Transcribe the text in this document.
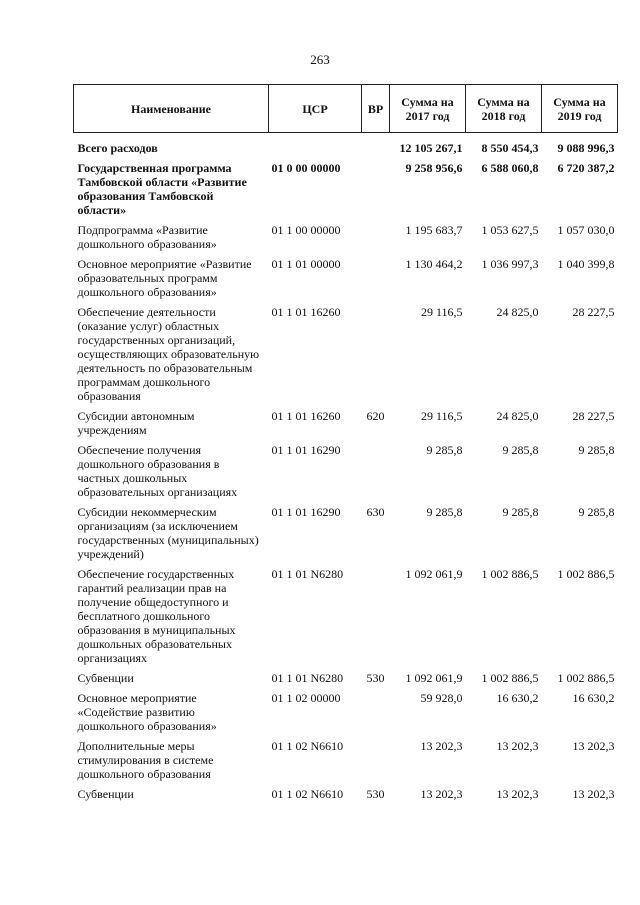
263
Наименование	ЦСР	ВР	Сумма на 2017 год	Сумма на 2018 год	Сумма на 2019 год
Всего расходов			12 105 267,1	8 550 454,3	9 088 996,3
Государственная программа Тамбовской области «Развитие образования Тамбовской области»	01 0 00 00000		9 258 956,6	6 588 060,8	6 720 387,2
Подпрограмма «Развитие дошкольного образования»	01 1 00 00000		1 195 683,7	1 053 627,5	1 057 030,0
Основное мероприятие «Развитие образовательных программ дошкольного образования»	01 1 01 00000		1 130 464,2	1 036 997,3	1 040 399,8
Обеспечение деятельности (оказание услуг) областных государственных организаций, осуществляющих образовательную деятельность по образовательным программам дошкольного образования	01 1 01 16260		29 116,5	24 825,0	28 227,5
Субсидии автономным учреждениям	01 1 01 16260	620	29 116,5	24 825,0	28 227,5
Обеспечение получения дошкольного образования в частных дошкольных образовательных организациях	01 1 01 16290		9 285,8	9 285,8	9 285,8
Субсидии некоммерческим организациям (за исключением государственных (муниципальных) учреждений)	01 1 01 16290	630	9 285,8	9 285,8	9 285,8
Обеспечение государственных гарантий реализации прав на получение общедоступного и бесплатного дошкольного образования в муниципальных дошкольных образовательных организациях	01 1 01 N6280		1 092 061,9	1 002 886,5	1 002 886,5
Субвенции	01 1 01 N6280	530	1 092 061,9	1 002 886,5	1 002 886,5
Основное мероприятие «Содействие развитию дошкольного образования»	01 1 02 00000		59 928,0	16 630,2	16 630,2
Дополнительные меры стимулирования в системе дошкольного образования	01 1 02 N6610		13 202,3	13 202,3	13 202,3
Субвенции	01 1 02 N6610	530	13 202,3	13 202,3	13 202,3
